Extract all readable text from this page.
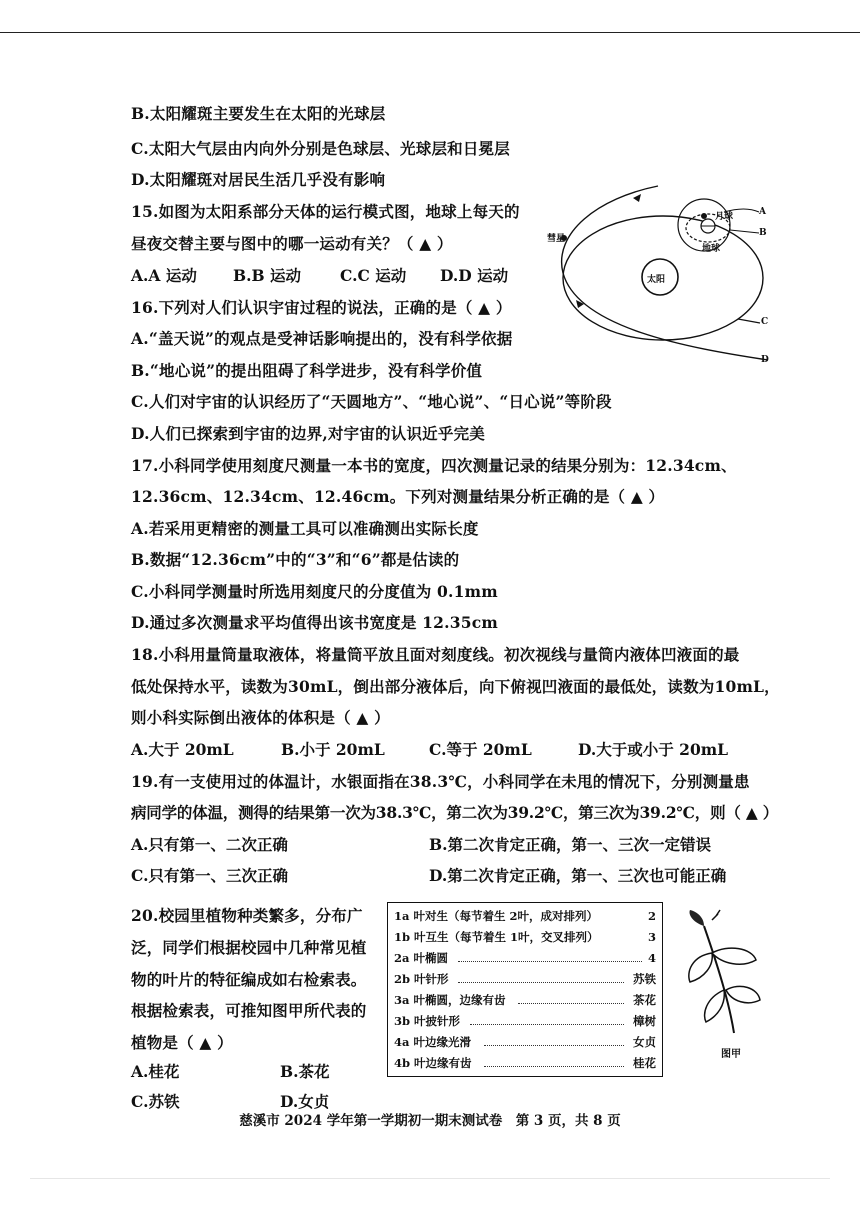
B.太阳耀斑主要发生在太阳的光球层
C.太阳大气层由内向外分别是色球层、光球层和日冕层
D.太阳耀斑对居民生活几乎没有影响
15.如图为太阳系部分天体的运行模式图，地球上每天的
昼夜交替主要与图中的哪一运动有关？（ ▲ ）
A.A 运动 B.B 运动	C.C 运动 D.D 运动
彗星
月球
地球
太阳
A
B
C
D
16.下列对人们认识宇宙过程的说法，正确的是（ ▲ ）
A.“盖天说”的观点是受神话影响提出的，没有科学依据
B.“地心说”的提出阻碍了科学进步，没有科学价值
C.人们对宇宙的认识经历了“天圆地方”、“地心说”、“日心说”等阶段
D.人们已探索到宇宙的边界,对宇宙的认识近乎完美
17.小科同学使用刻度尺测量一本书的宽度，四次测量记录的结果分别为：12.34cm、
12.36cm、12.34cm、12.46cm。下列对测量结果分析正确的是（ ▲ ）
A.若采用更精密的测量工具可以准确测出实际长度
B.数据“12.36cm”中的“3”和“6”都是估读的
C.小科同学测量时所选用刻度尺的分度值为 0.1mm
D.通过多次测量求平均值得出该书宽度是 12.35cm
18.小科用量筒量取液体，将量筒平放且面对刻度线。初次视线与量筒内液体凹液面的最
低处保持水平，读数为30mL，倒出部分液体后，向下俯视凹液面的最低处，读数为10mL，
则小科实际倒出液体的体积是（ ▲ ）
A.大于 20mL	B.小于 20mL	C.等于 20mL	D.大于或小于 20mL
19.有一支使用过的体温计，水银面指在38.3℃，小科同学在未甩的情况下，分别测量患
病同学的体温，测得的结果第一次为38.3℃，第二次为39.2℃，第三次为39.2℃，则（ ▲ ）
A.只有第一、二次正确	B.第二次肯定正确，第一、三次一定错误
C.只有第一、三次正确	D.第二次肯定正确，第一、三次也可能正确
20.校园里植物种类繁多，分布广
泛，同学们根据校园中几种常见植
物的叶片的特征编成如右检索表。
根据检索表，可推知图甲所代表的
植物是（ ▲ ）
A.桂花	B.茶花
C.苏铁	D.女贞
1a 叶对生（每节着生 2叶，成对排列）	2
1b 叶互生（每节着生 1叶，交叉排列）	3
2a 叶椭圆	4
2b 叶针形	苏铁
3a 叶椭圆，边缘有齿	茶花
3b 叶披针形	樟树
4a 叶边缘光滑	女贞
4b 叶边缘有齿	桂花
图甲
慈溪市 2024 学年第一学期初一期末测试卷　第 3 页，共 8 页
